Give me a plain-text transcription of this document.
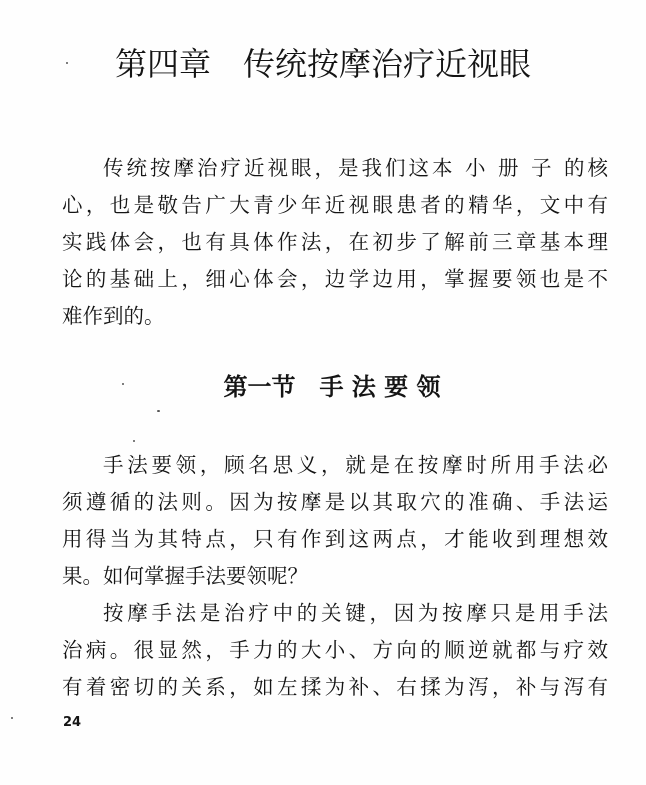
第四章　传统按摩治疗近视眼
传统按摩治疗近视眼，是我们这本 小 册 子 的核
心，也是敬告广大青少年近视眼患者的精华，文中有
实践体会，也有具体作法，在初步了解前三章基本理
论的基础上，细心体会，边学边用，掌握要领也是不
难作到的。
第一节　手 法 要 领
手法要领，顾名思义，就是在按摩时所用手法必
须遵循的法则。因为按摩是以其取穴的准确、手法运
用得当为其特点，只有作到这两点，才能收到理想效
果。如何掌握手法要领呢？
按摩手法是治疗中的关键，因为按摩只是用手法
治病。很显然，手力的大小、方向的顺逆就都与疗效
有着密切的关系，如左揉为补、右揉为泻，补与泻有

24
